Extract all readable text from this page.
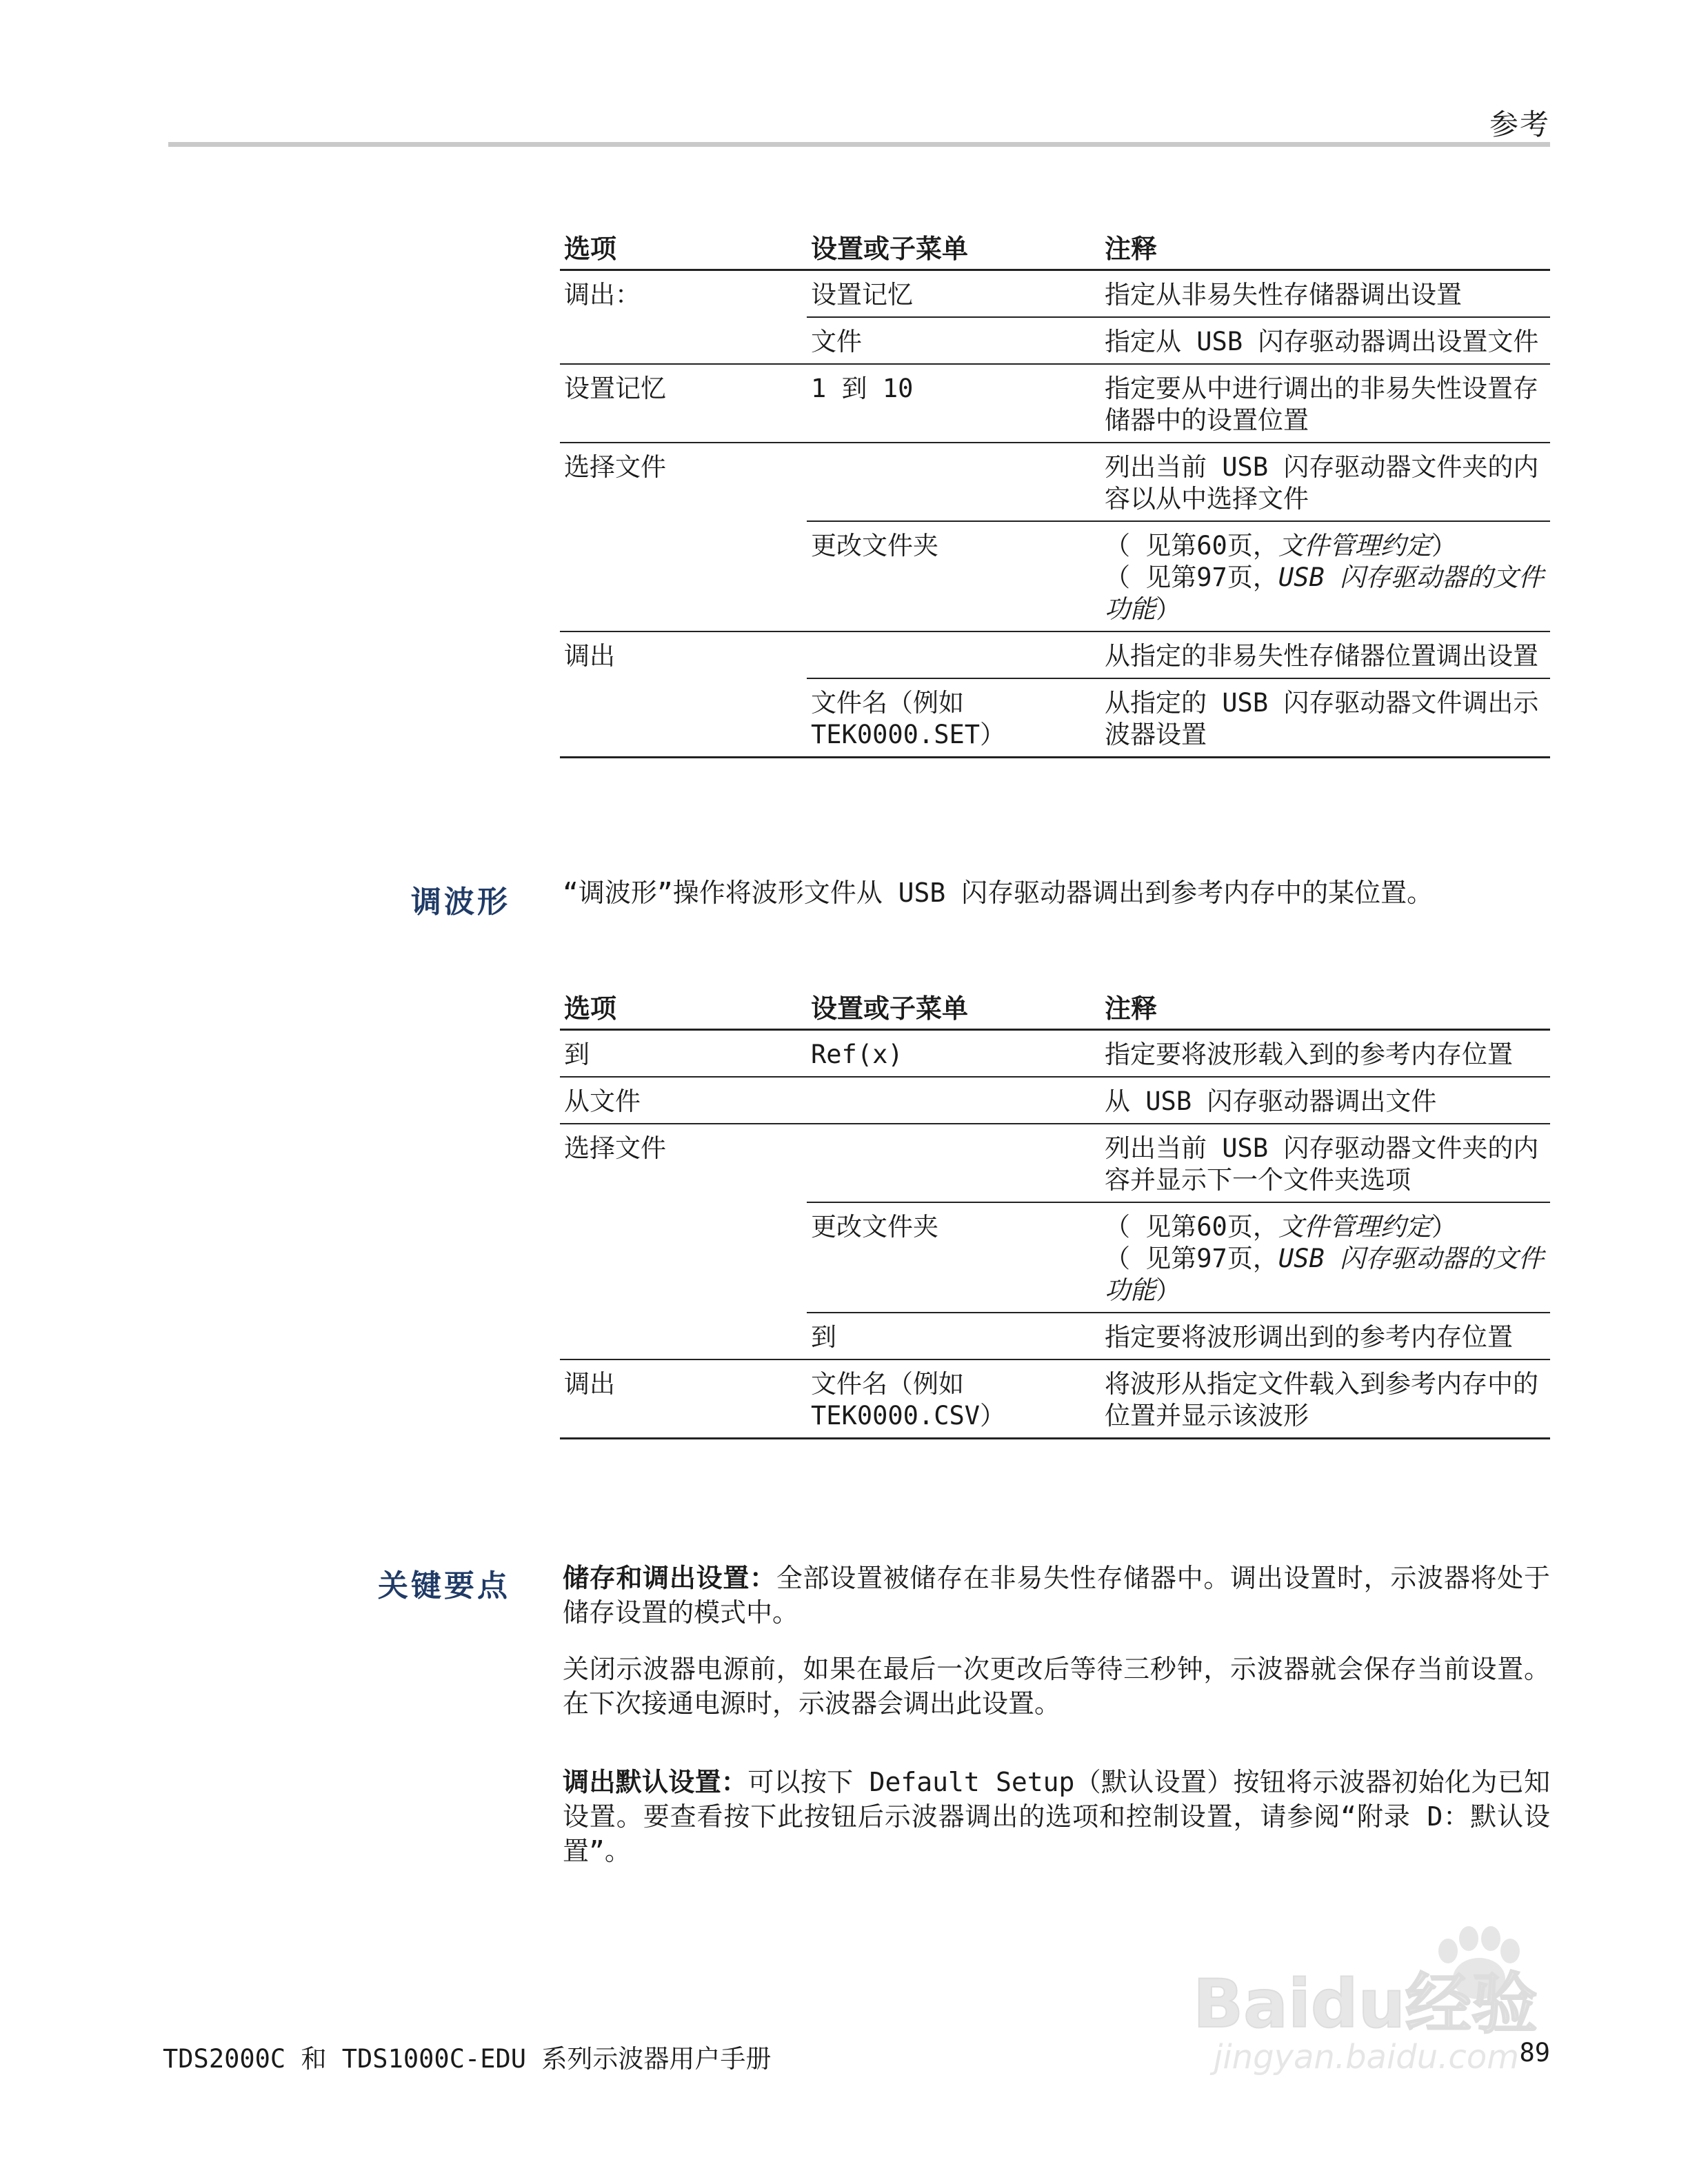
参考
选项	设置或子菜单	注释
调出：	设置记忆	指定从非易失性存储器调出设置
	文件	指定从 USB 闪存驱动器调出设置文件
设置记忆	1 到 10	指定要从中进行调出的非易失性设置存储器中的设置位置
选择文件		列出当前 USB 闪存驱动器文件夹的内容以从中选择文件
	更改文件夹	（ 见第60页，文件管理约定）
（ 见第97页，USB 闪存驱动器的文件功能）

调出		从指定的非易失性存储器位置调出设置
	文件名（例如 TEK0000.SET）	从指定的 USB 闪存驱动器文件调出示波器设置
调波形 “调波形”操作将波形文件从 USB 闪存驱动器调出到参考内存中的某位置。
选项	设置或子菜单	注释
到	Ref(x)	指定要将波形载入到的参考内存位置
从文件		从 USB 闪存驱动器调出文件
选择文件		列出当前 USB 闪存驱动器文件夹的内容并显示下一个文件夹选项
	更改文件夹	（ 见第60页，文件管理约定）
（ 见第97页，USB 闪存驱动器的文件功能）

	到	指定要将波形调出到的参考内存位置
调出	文件名（例如 TEK0000.CSV）	将波形从指定文件载入到参考内存中的位置并显示该波形
关键要点 储存和调出设置：全部设置被储存在非易失性存储器中。调出设置时，示波器将处于储存设置的模式中。
关闭示波器电源前，如果在最后一次更改后等待三秒钟，示波器就会保存当前设置。在下次接通电源时，示波器会调出此设置。
调出默认设置：可以按下 Default Setup（默认设置）按钮将示波器初始化为已知设置。要查看按下此按钮后示波器调出的选项和控制设置，请参阅“附录 D：默认设置”。
Baidu经验
jingyan.baidu.com
TDS2000C 和 TDS1000C-EDU 系列示波器用户手册	89
